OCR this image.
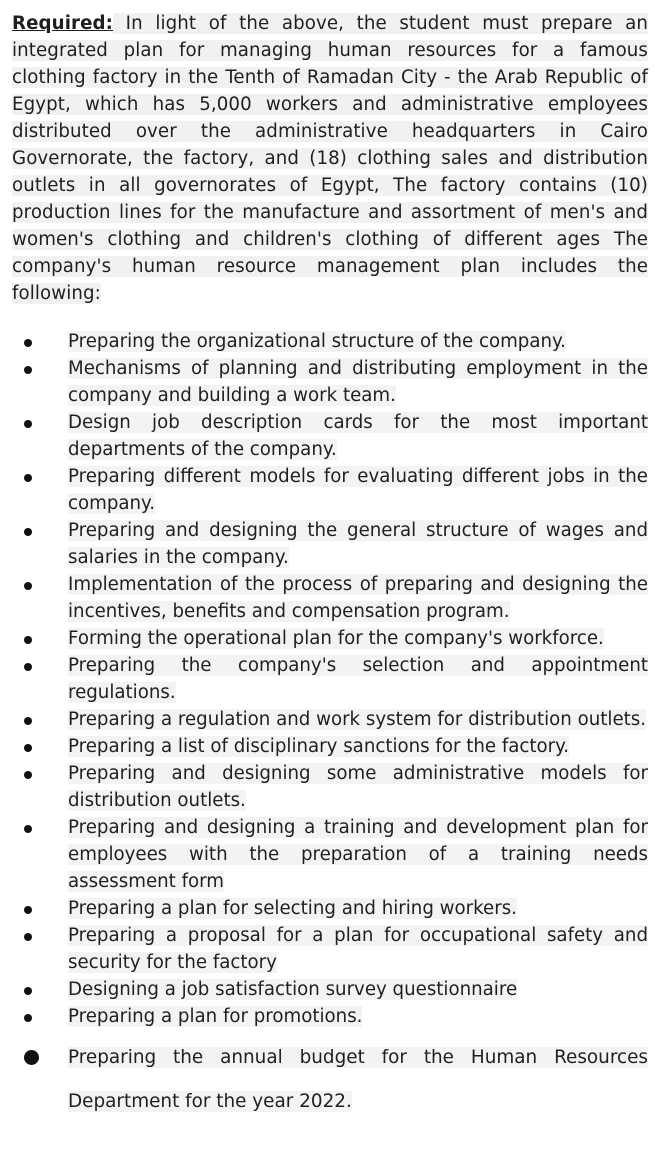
Required: In light of the above, the student must prepare an integrated plan for managing human resources for a famous clothing factory in the Tenth of Ramadan City - the Arab Republic of Egypt, which has 5,000 workers and administrative employees distributed over the administrative headquarters in Cairo Governorate, the factory, and (18) clothing sales and distribution outlets in all governorates of Egypt, The factory contains (10) production lines for the manufacture and assortment of men's and women's clothing and children's clothing of different ages The company's human resource management plan includes the following:
Preparing the organizational structure of the company.
Mechanisms of planning and distributing employment in the company and building a work team.
Design job description cards for the most important departments of the company.
Preparing different models for evaluating different jobs in the company.
Preparing and designing the general structure of wages and salaries in the company.
Implementation of the process of preparing and designing the incentives, benefits and compensation program.
Forming the operational plan for the company's workforce.
Preparing the company's selection and appointment regulations.
Preparing a regulation and work system for distribution outlets.
Preparing a list of disciplinary sanctions for the factory.
Preparing and designing some administrative models for distribution outlets.
Preparing and designing a training and development plan for employees with the preparation of a training needs assessment form
Preparing a plan for selecting and hiring workers.
Preparing a proposal for a plan for occupational safety and security for the factory
Designing a job satisfaction survey questionnaire
Preparing a plan for promotions.
Preparing the annual budget for the Human Resources Department for the year 2022.
